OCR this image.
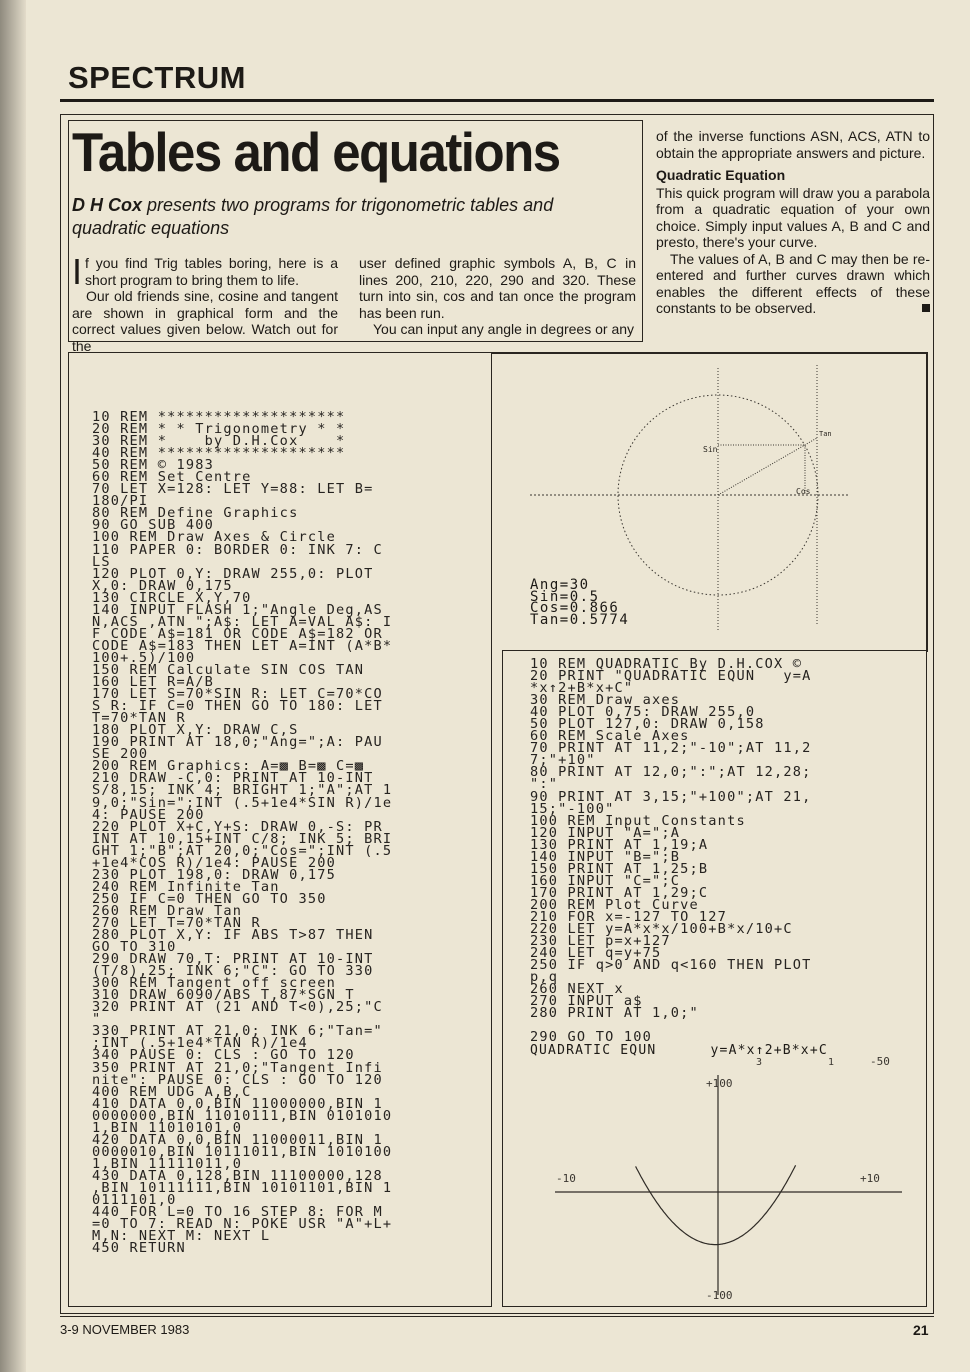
SPECTRUM
Tables and equations
D H Cox presents two programs for trigonometric tables and quadratic equations

If you find Trig tables boring, here is a short program to bring them to life.

Our old friends sine, cosine and tangent are shown in graphical form and the correct values given below. Watch out for the

user defined graphic symbols A, B, C in lines 200, 210, 220, 290 and 320. These turn into sin, cos and tan once the program has been run.

You can input any angle in degrees or any

of the inverse functions ASN, ACS, ATN to obtain the appropriate answers and picture.

Quadratic Equation

This quick program will draw you a parabola from a quadratic equation of your own choice. Simply input values A, B and C and presto, there's your curve.

The values of A, B and C may then be re-entered and further curves drawn which enables the different effects of these constants to be observed.

10 REM ********************
20 REM * * Trigonometry * *
30 REM *    by D.H.Cox    *
40 REM ********************
50 REM © 1983
60 REM Set Centre
70 LET X=128: LET Y=88: LET B=
180/PI
80 REM Define Graphics
90 GO SUB 400
100 REM Draw Axes & Circle
110 PAPER 0: BORDER 0: INK 7: C
LS
120 PLOT 0,Y: DRAW 255,0: PLOT
X,0: DRAW 0,175
130 CIRCLE X,Y,70
140 INPUT FLASH 1;"Angle Deg,AS
N,ACS ,ATN ";A$: LET A=VAL A$: I
F CODE A$=181 OR CODE A$=182 OR
CODE A$=183 THEN LET A=INT (A*B*
100+.5)/100
150 REM Calculate SIN COS TAN
160 LET R=A/B
170 LET S=70*SIN R: LET C=70*CO
S R: IF C=0 THEN GO TO 180: LET
T=70*TAN R
180 PLOT X,Y: DRAW C,S
190 PRINT AT 18,0;"Ang=";A: PAU
SE 200
200 REM Graphics: A=▩ B=▩ C=▩
210 DRAW -C,0: PRINT AT 10-INT
S/8,15; INK 4; BRIGHT 1;"A";AT 1
9,0;"Sin=";INT (.5+1e4*SIN R)/1e
4: PAUSE 200
220 PLOT X+C,Y+S: DRAW 0,-S: PR
INT AT 10,15+INT C/8; INK 5; BRI
GHT 1;"B";AT 20,0;"Cos=";INT (.5
+1e4*COS R)/1e4: PAUSE 200
230 PLOT 198,0: DRAW 0,175
240 REM Infinite Tan
250 IF C=0 THEN GO TO 350
260 REM Draw Tan
270 LET T=70*TAN R
280 PLOT X,Y: IF ABS T>87 THEN
GO TO 310
290 DRAW 70,T: PRINT AT 10-INT
(T/8),25; INK 6;"C": GO TO 330
300 REM Tangent off screen
310 DRAW 6090/ABS T,87*SGN T
320 PRINT AT (21 AND T<0),25;"C
"
330 PRINT AT 21,0; INK 6;"Tan="
;INT (.5+1e4*TAN R)/1e4
340 PAUSE 0: CLS : GO TO 120
350 PRINT AT 21,0;"Tangent Infi
nite": PAUSE 0: CLS : GO TO 120
400 REM UDG A,B,C
410 DATA 0,0,BIN 11000000,BIN 1
0000000,BIN 11010111,BIN 0101010
1,BIN 11010101,0
420 DATA 0,0,BIN 11000011,BIN 1
0000010,BIN 10111011,BIN 1010100
1,BIN 11111011,0
430 DATA 0,128,BIN 11100000,128
,BIN 10111111,BIN 10101101,BIN 1
0111101,0
440 FOR L=0 TO 16 STEP 8: FOR M
=0 TO 7: READ N: POKE USR "A"+L+
M,N: NEXT M: NEXT L
450 RETURN
10 REM QUADRATIC By D.H.COX ©
20 PRINT "QUADRATIC EQUN   y=A
*x↑2+B*x+C"
30 REM Draw axes
40 PLOT 0,75: DRAW 255,0
50 PLOT 127,0: DRAW 0,158
60 REM Scale Axes
70 PRINT AT 11,2;"-10";AT 11,2
7;"+10"
80 PRINT AT 12,0;":";AT 12,28;
":"
90 PRINT AT 3,15;"+100";AT 21,
15;"-100"
100 REM Input Constants
120 INPUT "A=";A
130 PRINT AT 1,19;A
140 INPUT "B=";B
150 PRINT AT 1,25;B
160 INPUT "C=";C
170 PRINT AT 1,29;C
200 REM Plot Curve
210 FOR x=-127 TO 127
220 LET y=A*x*x/100+B*x/10+C
230 LET p=x+127
240 LET q=y+75
250 IF q>0 AND q<160 THEN PLOT
p,q
260 NEXT x
270 INPUT a$
280 PRINT AT 1,0;"

290 GO TO 100
Sin
Cos
Tan
Ang=30
Sin=0.5
Cos=0.866
Tan=0.5774
QUADRATIC EQUN      y=A*x↑2+B*x+C
3	1	-50
+100
-100
-10	+10
3-9 NOVEMBER 1983	21
